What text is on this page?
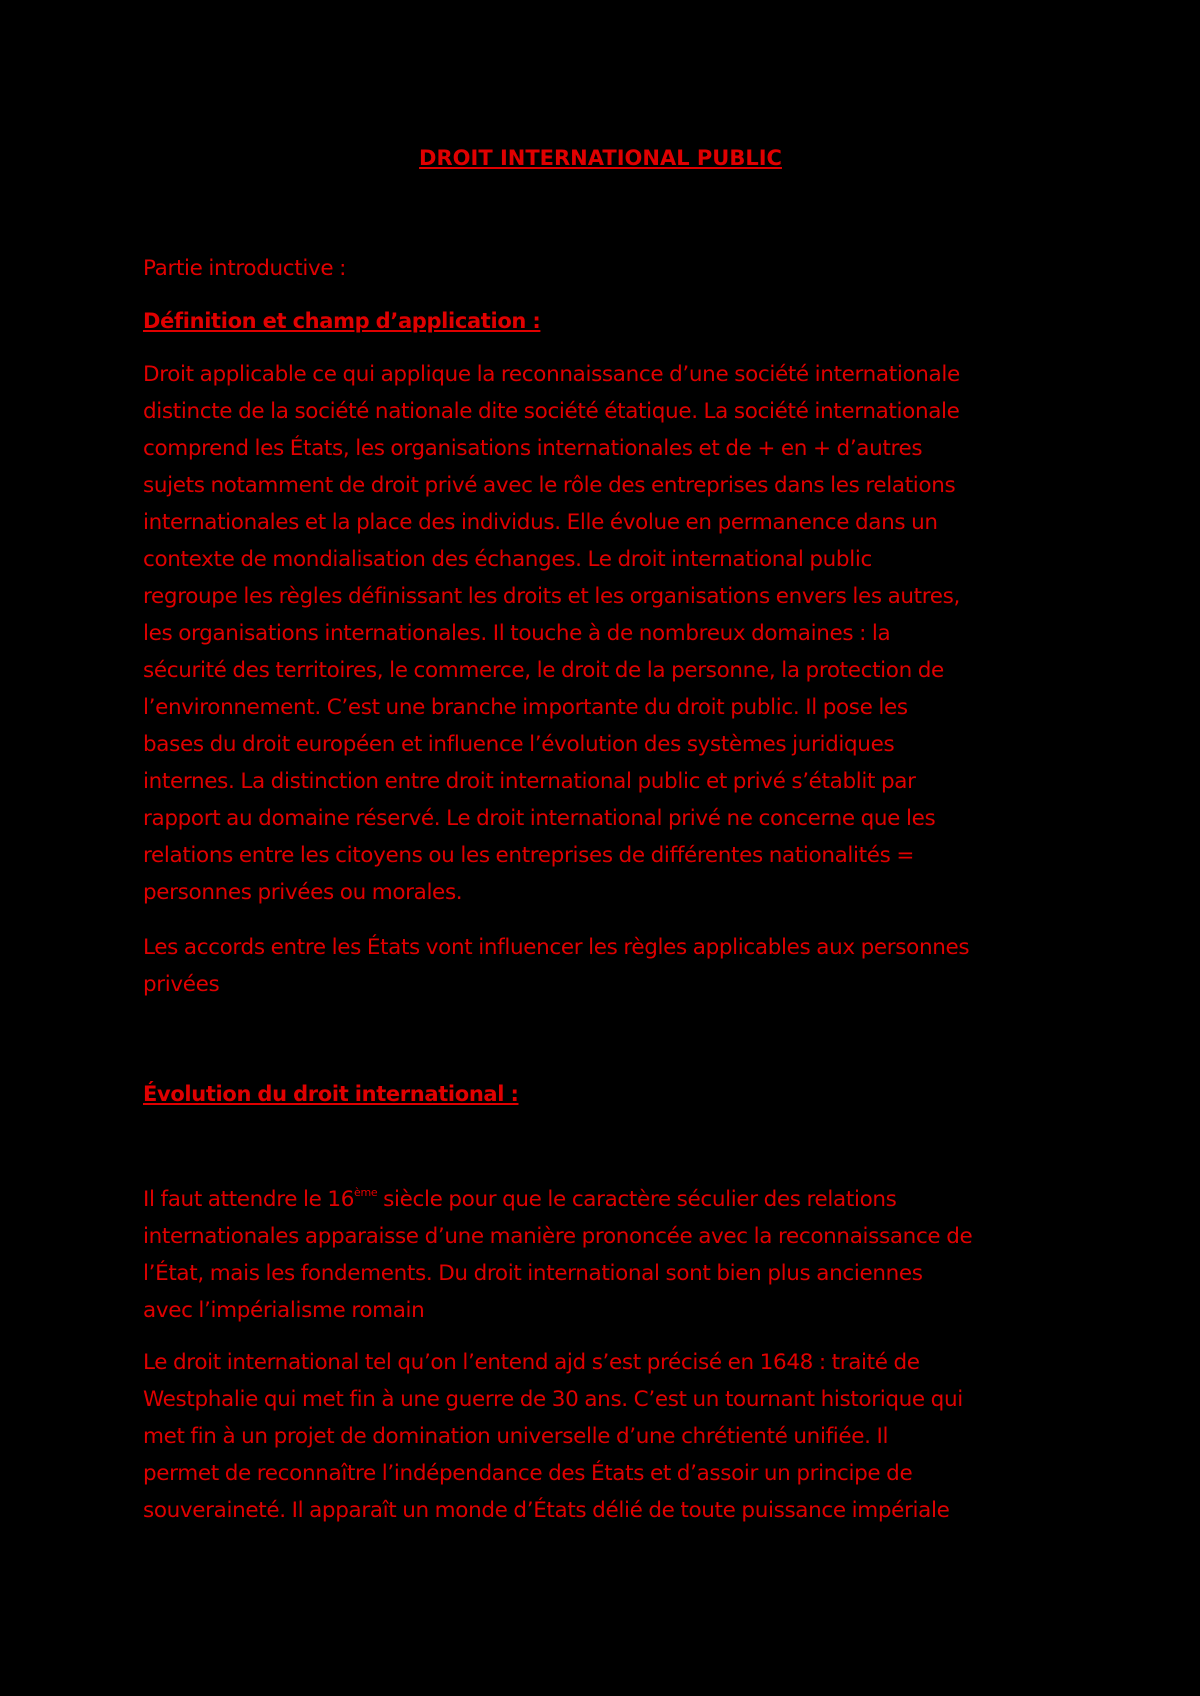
DROIT INTERNATIONAL PUBLIC
Partie introductive :
Définition et champ d’application :
Droit applicable ce qui applique la reconnaissance d’une société internationale
distincte de la société nationale dite société étatique. La société internationale
comprend les États, les organisations internationales et de + en + d’autres
sujets notamment de droit privé avec le rôle des entreprises dans les relations
internationales et la place des individus. Elle évolue en permanence dans un
contexte de mondialisation des échanges. Le droit international public
regroupe les règles définissant les droits et les organisations envers les autres,
les organisations internationales. Il touche à de nombreux domaines : la
sécurité des territoires, le commerce, le droit de la personne, la protection de
l’environnement. C’est une branche importante du droit public. Il pose les
bases du droit européen et influence l’évolution des systèmes juridiques
internes. La distinction entre droit international public et privé s’établit par
rapport au domaine réservé. Le droit international privé ne concerne que les
relations entre les citoyens ou les entreprises de différentes nationalités =
personnes privées ou morales.
Les accords entre les États vont influencer les règles applicables aux personnes
privées
Évolution du droit international :
Il faut attendre le 16ème siècle pour que le caractère séculier des relations
internationales apparaisse d’une manière prononcée avec la reconnaissance de
l’État, mais les fondements. Du droit international sont bien plus anciennes
avec l’impérialisme romain
Le droit international tel qu’on l’entend ajd s’est précisé en 1648 : traité de
Westphalie qui met fin à une guerre de 30 ans. C’est un tournant historique qui
met fin à un projet de domination universelle d’une chrétienté unifiée. Il
permet de reconnaître l’indépendance des États et d’assoir un principe de
souveraineté. Il apparaît un monde d’États délié de toute puissance impériale
